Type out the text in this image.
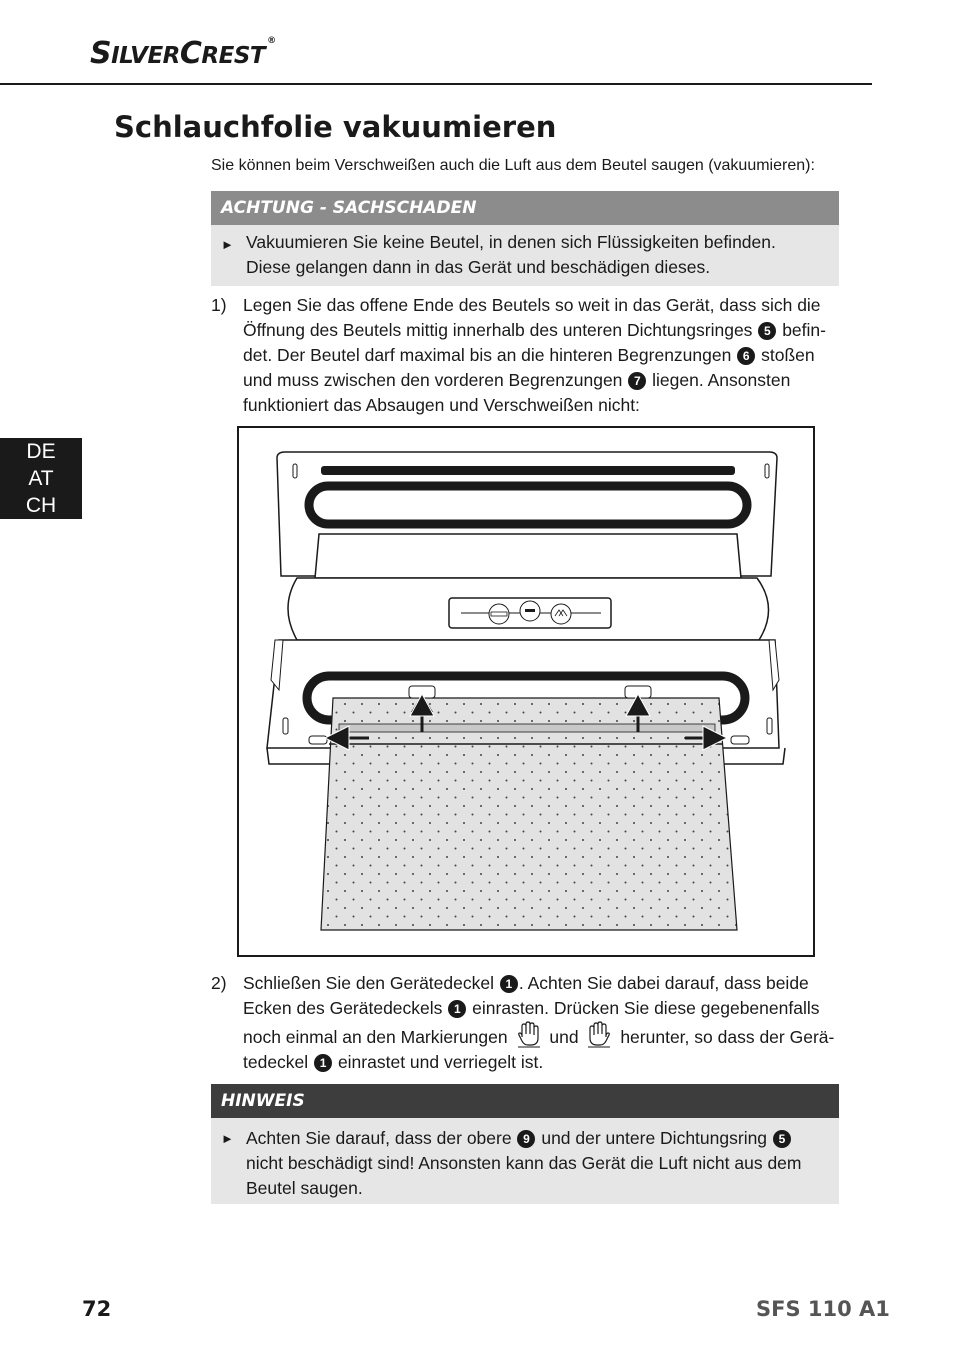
SILVERCREST®
Schlauchfolie vakuumieren
Sie können beim Verschweißen auch die Luft aus dem Beutel saugen (vakuumieren):
DE
AT
CH
ACHTUNG - SACHSCHADEN
► Vakuumieren Sie keine Beutel, in denen sich Flüssigkeiten befinden. Diese gelangen dann in das Gerät und beschädigen dieses.
1) Legen Sie das offene Ende des Beutels so weit in das Gerät, dass sich die Öffnung des Beutels mittig innerhalb des unteren Dichtungsringes 5 befin-det. Der Beutel darf maximal bis an die hinteren Begrenzungen 6 stoßen und muss zwischen den vorderen Begrenzungen 7 liegen. Ansonsten funktioniert das Absaugen und Verschweißen nicht:
2) Schließen Sie den Gerätedeckel 1 . Achten Sie dabei darauf, dass beide Ecken des Gerätedeckels 1 einrasten. Drücken Sie diese gegebenenfalls noch einmal an den Markierungen und herunter, so dass der Gerä-tedeckel 1 einrastet und verriegelt ist.
HINWEIS
► Achten Sie darauf, dass der obere 9 und der untere Dichtungsring 5 nicht beschädigt sind! Ansonsten kann das Gerät die Luft nicht aus dem Beutel saugen.
72	SFS 110 A1
